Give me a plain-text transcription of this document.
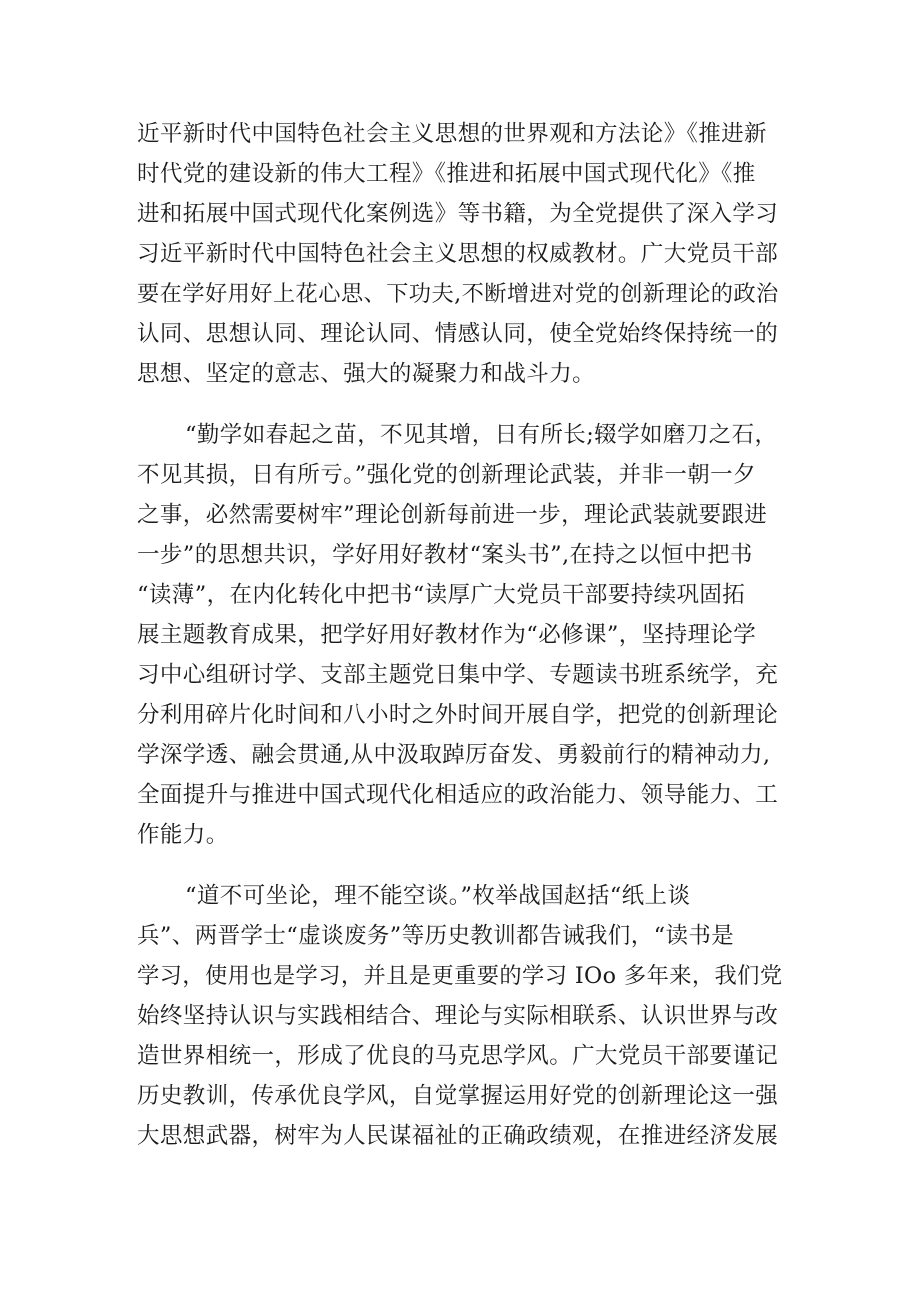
近平新时代中国特色社会主义思想的世界观和方法论》《推进新
时代党的建设新的伟大工程》《推进和拓展中国式现代化》《推
进和拓展中国式现代化案例选》等书籍，为全党提供了深入学习
习近平新时代中国特色社会主义思想的权威教材。广大党员干部
要在学好用好上花心思、下功夫,不断增进对党的创新理论的政治
认同、思想认同、理论认同、情感认同，使全党始终保持统一的
思想、坚定的意志、强大的凝聚力和战斗力。
“勤学如春起之苗，不见其增，日有所长;辍学如磨刀之石，
不见其损，日有所亏。”强化党的创新理论武装，并非一朝一夕
之事，必然需要树牢”理论创新每前进一步，理论武装就要跟进
一步”的思想共识，学好用好教材“案头书”,在持之以恒中把书
“读薄”，在内化转化中把书“读厚广大党员干部要持续巩固拓
展主题教育成果，把学好用好教材作为“必修课”，坚持理论学
习中心组研讨学、支部主题党日集中学、专题读书班系统学，充
分利用碎片化时间和八小时之外时间开展自学，把党的创新理论
学深学透、融会贯通,从中汲取踔厉奋发、勇毅前行的精神动力,
全面提升与推进中国式现代化相适应的政治能力、领导能力、工
作能力。
“道不可坐论，理不能空谈。”枚举战国赵括“纸上谈
兵”、两晋学士“虚谈废务”等历史教训都告诫我们，“读书是
学习，使用也是学习，并且是更重要的学习 IOo 多年来，我们党
始终坚持认识与实践相结合、理论与实际相联系、认识世界与改
造世界相统一，形成了优良的马克思学风。广大党员干部要谨记
历史教训，传承优良学风，自觉掌握运用好党的创新理论这一强
大思想武器，树牢为人民谋福祉的正确政绩观，在推进经济发展
